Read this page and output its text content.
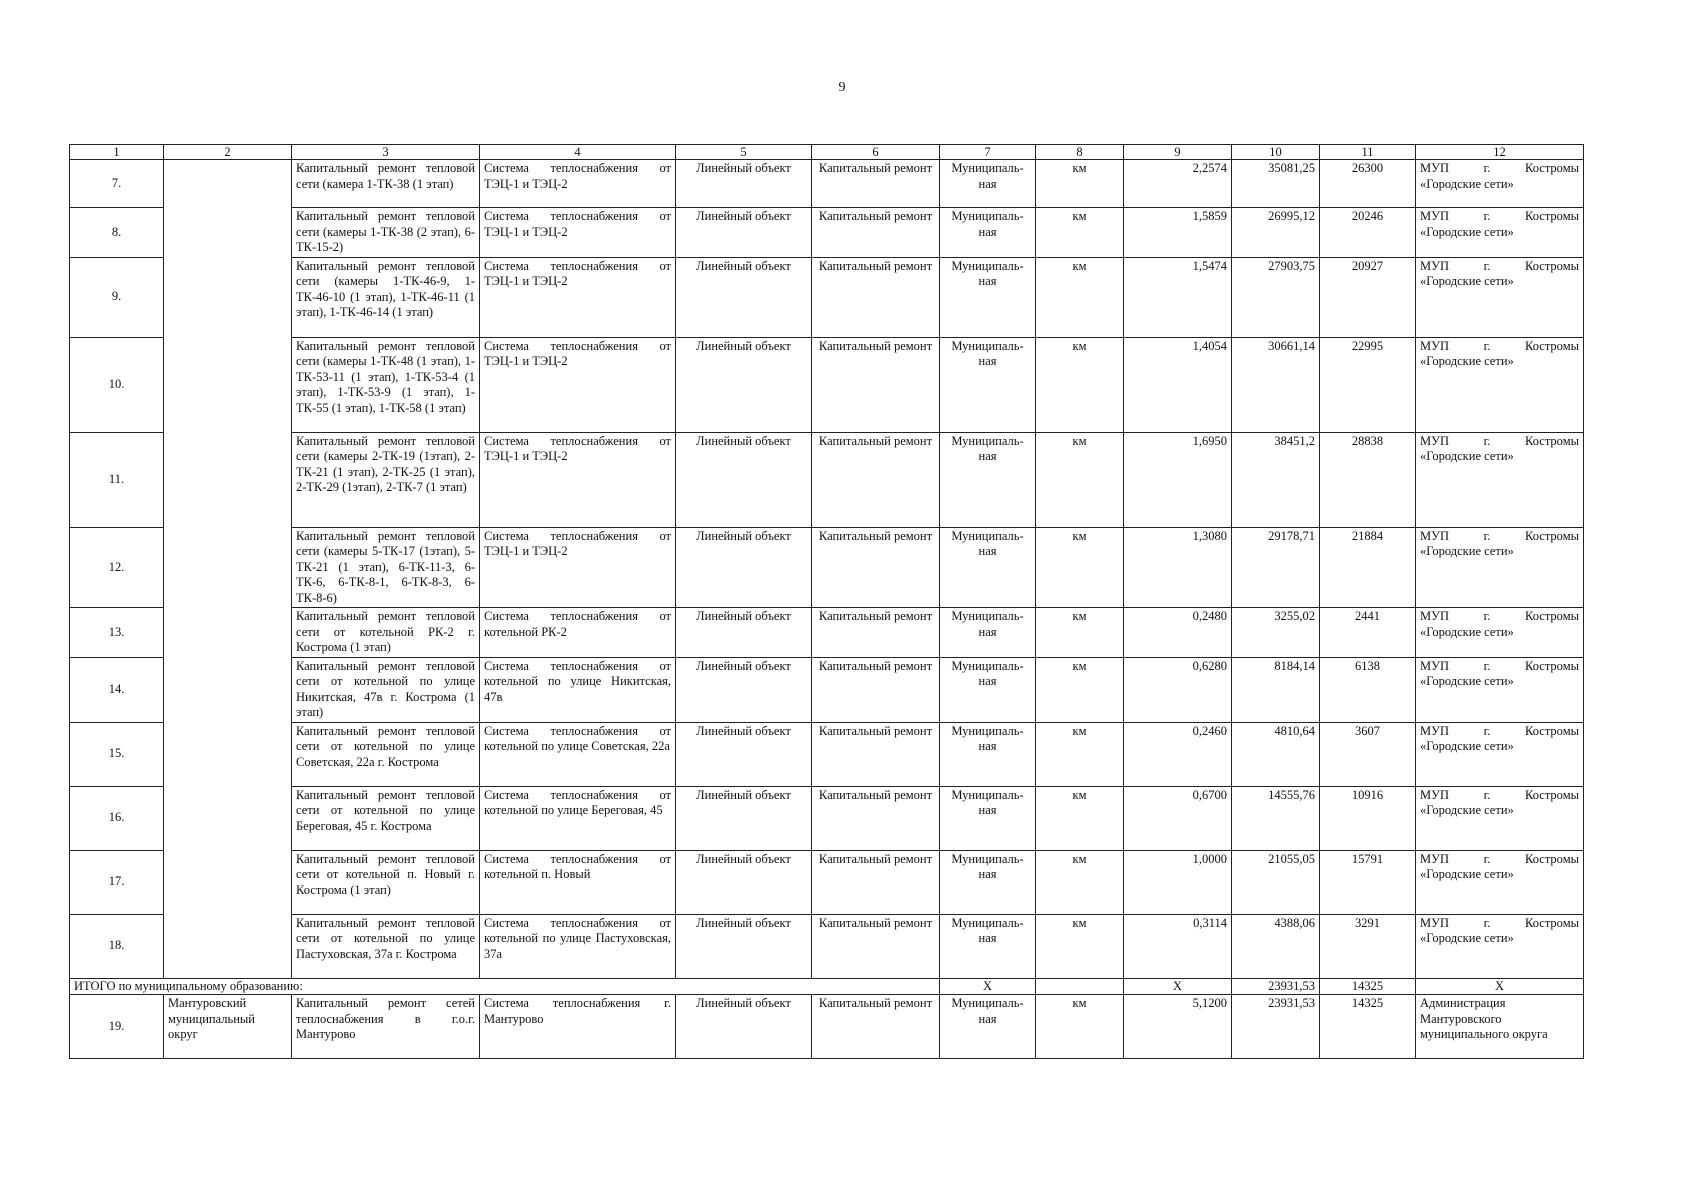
9
1	2	3	4	5	6	7	8	9	10	11	12
7.		Капитальный ремонт тепловой сети (камера 1-ТК-38 (1 этап)	Система теплоснабжения от ТЭЦ-1 и ТЭЦ-2	Линейный объект	Капитальный ремонт	Муниципаль-ная	км	2,2574	35081,25	26300	МУП г. Костромы «Городские сети»
8.		Капитальный ремонт тепловой сети (камеры 1-ТК-38 (2 этап), 6-ТК-15-2)	Система теплоснабжения от ТЭЦ-1 и ТЭЦ-2	Линейный объект	Капитальный ремонт	Муниципаль-ная	км	1,5859	26995,12	20246	МУП г. Костромы «Городские сети»
9.		Капитальный ремонт тепловой сети (камеры 1-ТК-46-9, 1-ТК-46-10 (1 этап), 1-ТК-46-11 (1 этап), 1-ТК-46-14 (1 этап)	Система теплоснабжения от ТЭЦ-1 и ТЭЦ-2	Линейный объект	Капитальный ремонт	Муниципаль-ная	км	1,5474	27903,75	20927	МУП г. Костромы «Городские сети»
10.		Капитальный ремонт тепловой сети (камеры 1-ТК-48 (1 этап), 1-ТК-53-11 (1 этап), 1-ТК-53-4 (1 этап), 1-ТК-53-9 (1 этап), 1-ТК-55 (1 этап), 1-ТК-58 (1 этап)	Система теплоснабжения от ТЭЦ-1 и ТЭЦ-2	Линейный объект	Капитальный ремонт	Муниципаль-ная	км	1,4054	30661,14	22995	МУП г. Костромы «Городские сети»
11.		Капитальный ремонт тепловой сети (камеры 2-ТК-19 (1этап), 2-ТК-21 (1 этап), 2-ТК-25 (1 этап), 2-ТК-29 (1этап), 2-ТК-7 (1 этап)	Система теплоснабжения от ТЭЦ-1 и ТЭЦ-2	Линейный объект	Капитальный ремонт	Муниципаль-ная	км	1,6950	38451,2	28838	МУП г. Костромы «Городские сети»
12.		Капитальный ремонт тепловой сети (камеры 5-ТК-17 (1этап), 5-ТК-21 (1 этап), 6-ТК-11-3, 6-ТК-6, 6-ТК-8-1, 6-ТК-8-3, 6-ТК-8-6)	Система теплоснабжения от ТЭЦ-1 и ТЭЦ-2	Линейный объект	Капитальный ремонт	Муниципаль-ная	км	1,3080	29178,71	21884	МУП г. Костромы «Городские сети»
13.		Капитальный ремонт тепловой сети от котельной РК-2 г. Кострома (1 этап)	Система теплоснабжения от котельной РК-2	Линейный объект	Капитальный ремонт	Муниципаль-ная	км	0,2480	3255,02	2441	МУП г. Костромы «Городские сети»
14.		Капитальный ремонт тепловой сети от котельной по улице Никитская, 47в г. Кострома (1 этап)	Система теплоснабжения от котельной по улице Никитская, 47в	Линейный объект	Капитальный ремонт	Муниципаль-ная	км	0,6280	8184,14	6138	МУП г. Костромы «Городские сети»
15.		Капитальный ремонт тепловой сети от котельной по улице Советская, 22а г. Кострома	Система теплоснабжения от котельной по улице Советская, 22а	Линейный объект	Капитальный ремонт	Муниципаль-ная	км	0,2460	4810,64	3607	МУП г. Костромы «Городские сети»
16.		Капитальный ремонт тепловой сети от котельной по улице Береговая, 45 г. Кострома	Система теплоснабжения от котельной по улице Береговая, 45	Линейный объект	Капитальный ремонт	Муниципаль-ная	км	0,6700	14555,76	10916	МУП г. Костромы «Городские сети»
17.		Капитальный ремонт тепловой сети от котельной п. Новый г. Кострома (1 этап)	Система теплоснабжения от котельной п. Новый	Линейный объект	Капитальный ремонт	Муниципаль-ная	км	1,0000	21055,05	15791	МУП г. Костромы «Городские сети»
18.		Капитальный ремонт тепловой сети от котельной по улице Пастуховская, 37а г. Кострома	Система теплоснабжения от котельной по улице Пастуховская, 37а	Линейный объект	Капитальный ремонт	Муниципаль-ная	км	0,3114	4388,06	3291	МУП г. Костромы «Городские сети»
ИТОГО по муниципальному образованию:						Х		Х	23931,53	14325	Х
19.	Мантуровский муниципальный округ	Капитальный ремонт сетей теплоснабжения в г.о.г. Мантурово	Система теплоснабжения г. Мантурово	Линейный объект	Капитальный ремонт	Муниципаль-ная	км	5,1200	23931,53	14325	Администрация Мантуровского муниципального округа
